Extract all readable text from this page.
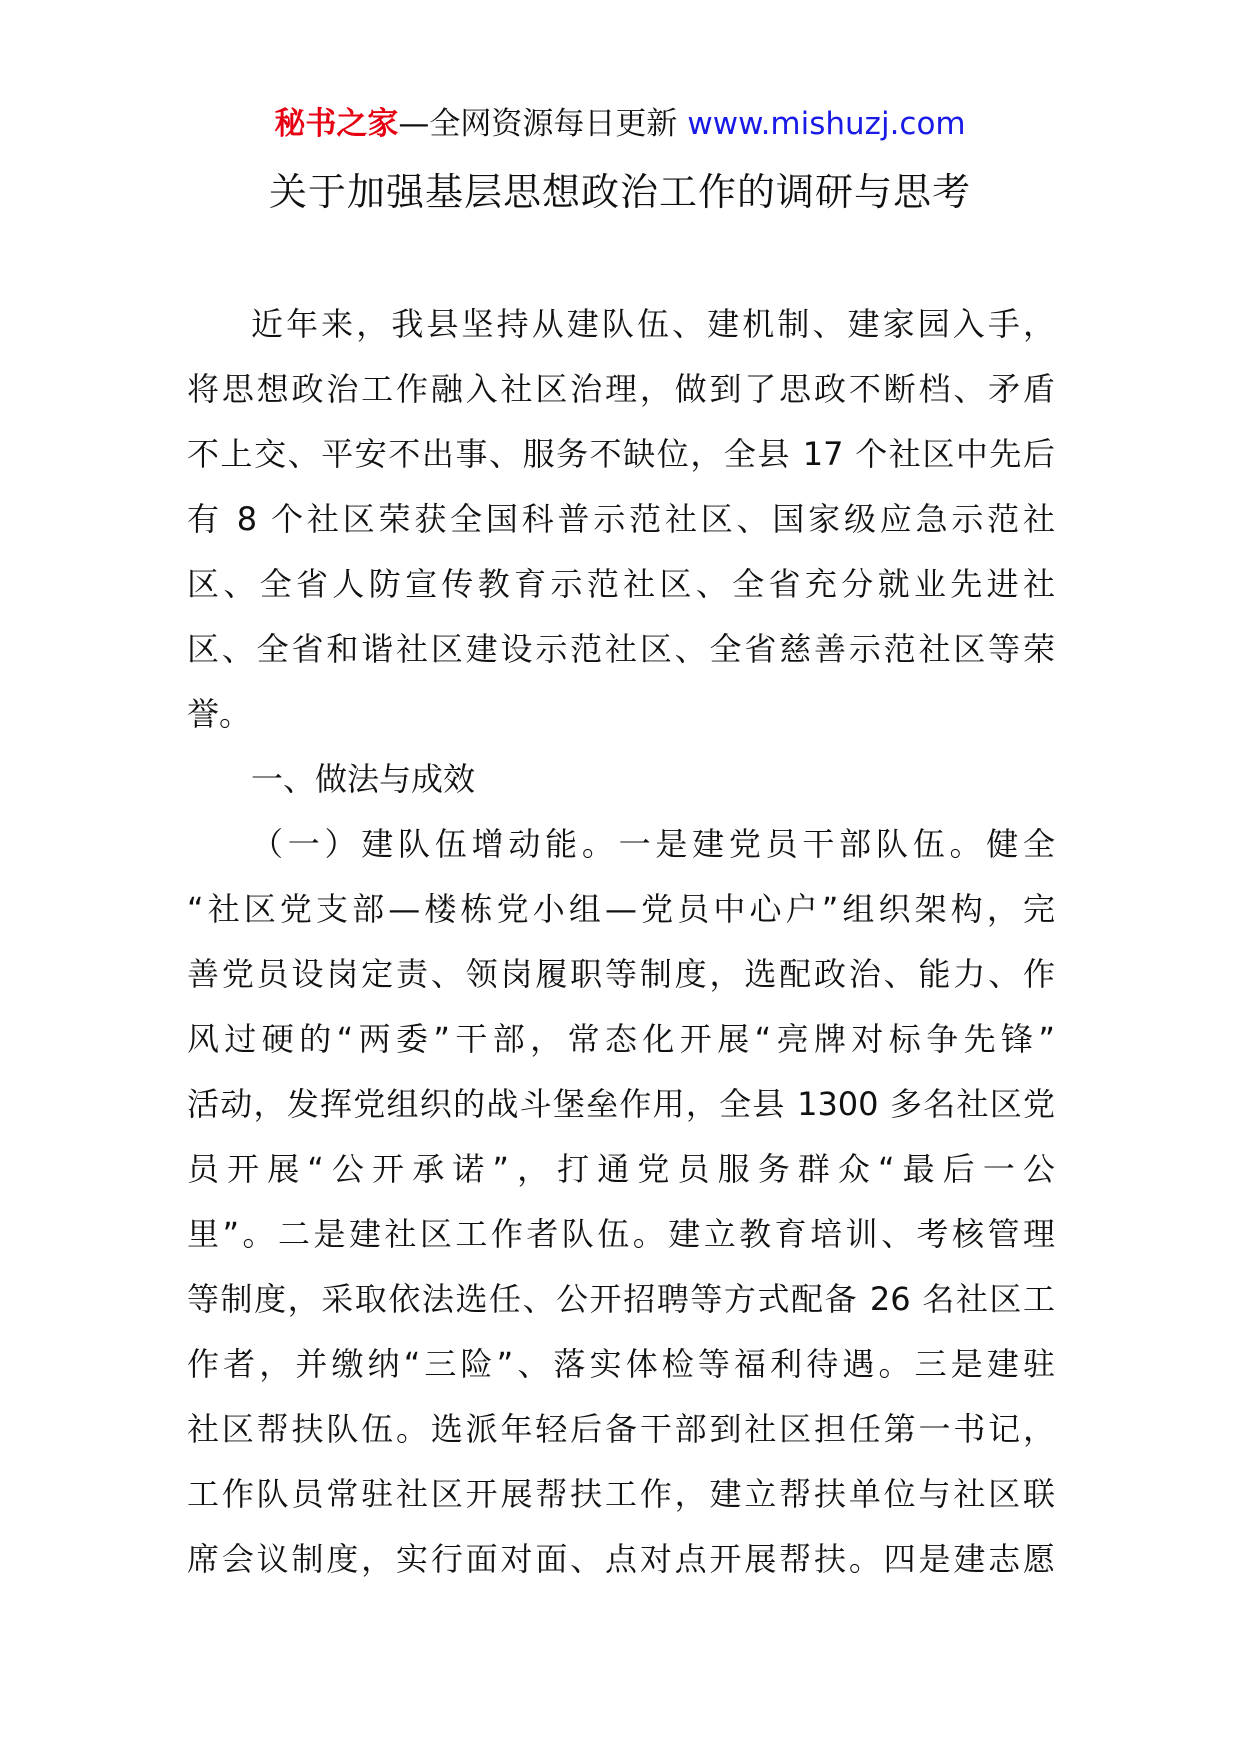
秘书之家—全网资源每日更新 www.mishuzj.com
关于加强基层思想政治工作的调研与思考
近年来，我县坚持从建队伍、建机制、建家园入手，
将思想政治工作融入社区治理，做到了思政不断档、矛盾
不上交、平安不出事、服务不缺位，全县 17 个社区中先后
有 8 个社区荣获全国科普示范社区、国家级应急示范社
区、全省人防宣传教育示范社区、全省充分就业先进社
区、全省和谐社区建设示范社区、全省慈善示范社区等荣
誉。
一、做法与成效
（一）建队伍增动能。一是建党员干部队伍。健全
“社区党支部—楼栋党小组—党员中心户”组织架构，完
善党员设岗定责、领岗履职等制度，选配政治、能力、作
风过硬的“两委”干部，常态化开展“亮牌对标争先锋”
活动，发挥党组织的战斗堡垒作用，全县 1300 多名社区党
员开展“公开承诺”，打通党员服务群众“最后一公
里”。二是建社区工作者队伍。建立教育培训、考核管理
等制度，采取依法选任、公开招聘等方式配备 26 名社区工
作者，并缴纳“三险”、落实体检等福利待遇。三是建驻
社区帮扶队伍。选派年轻后备干部到社区担任第一书记，
工作队员常驻社区开展帮扶工作，建立帮扶单位与社区联
席会议制度，实行面对面、点对点开展帮扶。四是建志愿
